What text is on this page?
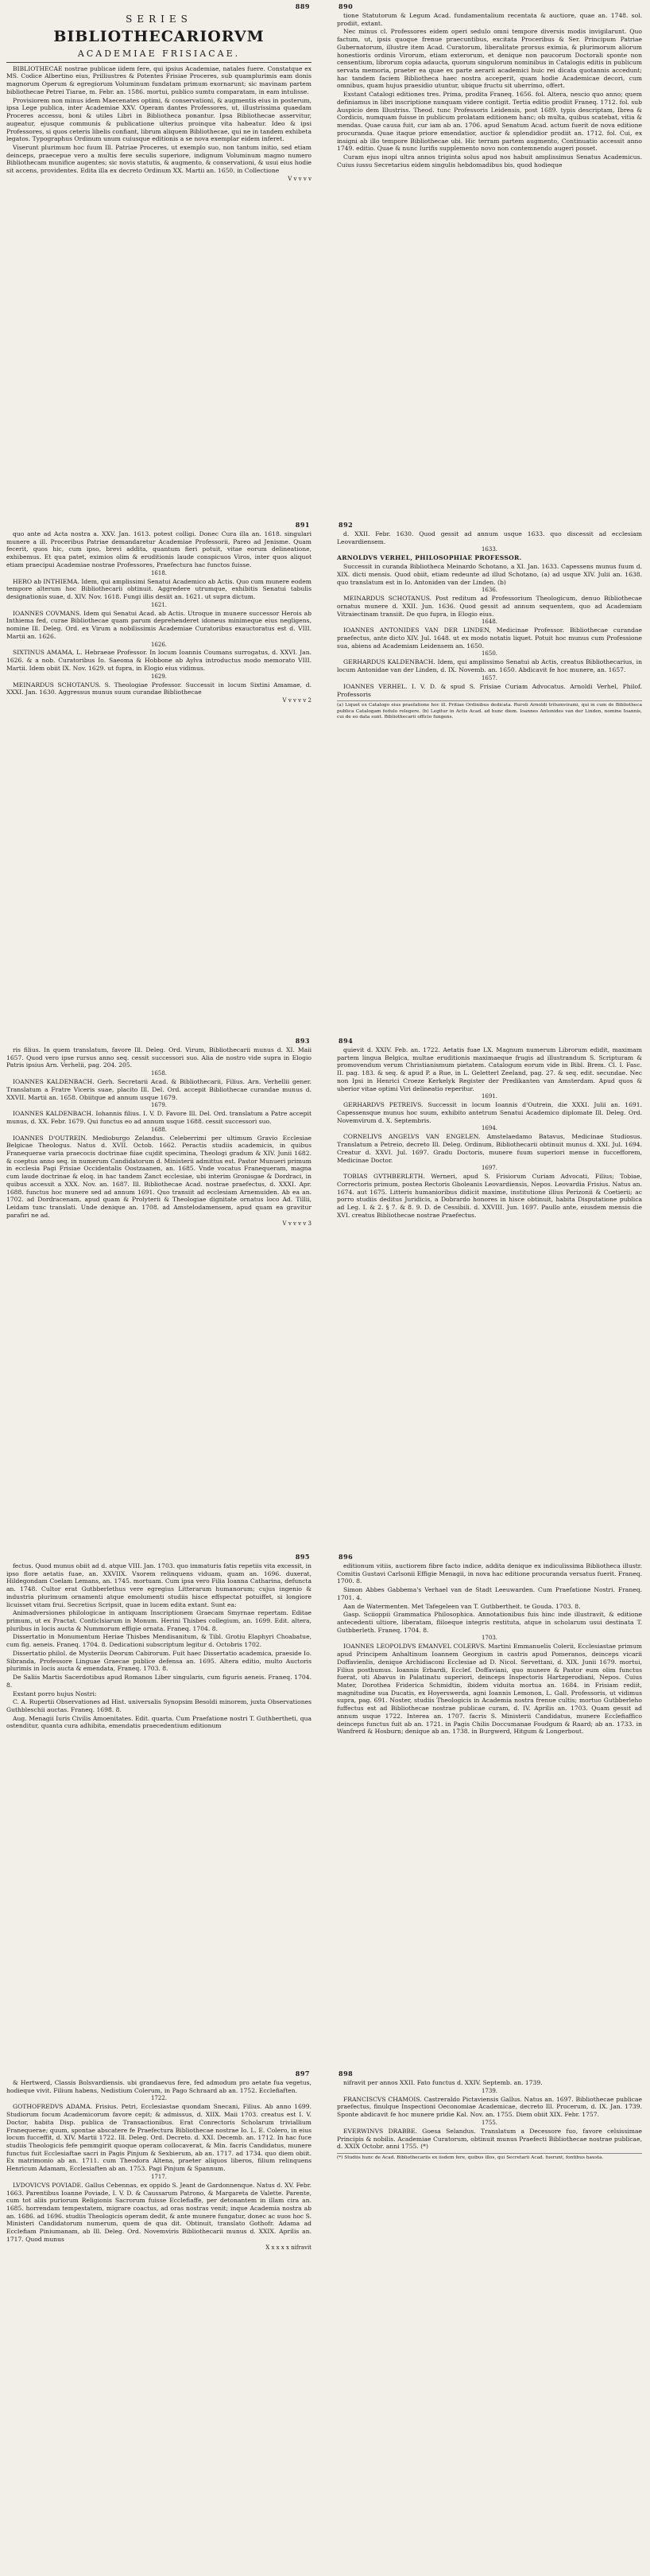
889
SERIES
BIBLIOTHECARIORVM
ACADEMIAE FRISIACAE.

BIBLIOTHECAE nostrae publicae iidem fere, qui ipsius Academiae, natales fuere. Constatque ex MS. Codice Albertino eius, Prilliustres & Potentes Frisiae Proceres, sub quamplurimis eam donis magnorum Operum & egregiorum Voluminum fundatam primum exornarunt; sic mavinam partem bibliothecae Petrei Tiarae, m. Febr. an. 1586. mortui, publico sumtu comparatam, in eam intulisse.

Provisiorem non minus idem Maecenates optimi, & conservationi, & augmentis eius in posterum, ipsa Lege publica, inter Academiae XXV. Operam dantes Professores, ut, illustrissima quaedam Proceres accessu, boni & utiles Libri in Bibliotheca ponantur. Ipsa Bibliothecae asservitur, augeatur, ejusque communis & publicatione ulterius proinque vita habeatur. Ideo & ipsi Professores, si quos ceteris libelis confiant, librum aliquem Bibliothecae, qui ne in tandem exhibeta legatos. Typographus Ordinum unum cuiusque editionis a se nova exemplar eidem inferet.

Viserunt plurimum hoc fuum Ill. Patriae Proceres, ut exemplo suo, non tantum initio, sed etiam deinceps, praecepue vero a multis fere seculis superiore, indignum Voluminum magno numero Bibliothecam munifice augentes; sic novis statutis, & augmento, & conservationi, & usui eius hodie sit accens, providentes. Edita illa ex decreto Ordinum XX. Martii an. 1650. in Collectione

V v v v v

890

tione Statutorum & Legum Acad. fundamentalium recentata & auctiore, quae an. 1748. sol. prodiit, extant.

Nec minus cl. Professores eidem operi sedulo omni tempore diversis modis invigilarunt. Quo factum, ut, ipsis quoque frenue praecuntibus, excitata Proceribus & Ser. Principum Patriae Gubernatorum, illustre item Acad. Curatorum, liberalitate prorsus eximia, & plurimorum aliorum honestioris ordinis Virorum, etiam exterorum, et denique non paucorum Doctorali sponte non censentium, librorum copia adaucta, quorum singulorum nominibus in Catalogis editis in publicum servata memoria, praeter ea quae ex parte aerarii academici huic rei dicata quotannis accedunt; hac tandem faciem Bibliotheca haec nostra acceperit, quam hodie Academicae decori, cum omnibus, quam hujus praesidio utuntur, ubique fructu sit uberrimo, offert.

Exstant Catalogi editiones tres. Prima, prodita Franeq. 1656. fol. Altera, nescio quo anno; quem definiamus in libri inscriptione nunquam videre contigit. Tertia editio prodiit Franeq. 1712. fol. sub Auspicio dem Illustriss. Theod. tunc Professoris Leidensis, post 1689. typis descriptam, Ibrea & Cordicis, numquam fuisse in publicum prolatam editionem hanc; ob multa, quibus scatebat, vitia & mendas. Quae causa fuit, cur iam ab an. 1706. apud Senatum Acad. actum fuerit de nova editione procuranda. Quae itaque priore emendatior, auctior & splendidior prodiit an. 1712. fol. Cui, ex insigni ab illo tempore Bibliothecae ubi. Hic terram partem augmento, Continuatio accessit anno 1749. editio. Quae & nunc Iurifis supplemento novo non contemnendo augeri posset.

Curam ejus inopi ultra annos triginta solus apud nos habuit amplissimus Senatus Academicus. Cuius iussu Secretarius eidem singulis hebdomadibus bis, quod hodieque

891

quo ante ad Acta nostra a. XXV. Jan. 1613. potest colligi. Donec Cura illa an. 1618. singulari munere a ill. Proceribus Patriae demandaretur Academiae Professorii, Pareo ad Jenisme. Quam fecerit, quos hic, cum ipso, brevi addita, quantum fieri potuit, vitae eorum delineatione, exhibemus. Et qua patet, eximios olim & eruditionis laude conspicuos Viros, inter quos aliquot etiam praecipui Academiae nostrae Professores, Praefectura hac functos fuisse.

1618.

HERO ab INTHIEMA. Idem, qui amplissimi Senatui Academico ab Actis. Quo cum munere eodem tempore alterum hoc Bibliothecarii obtinuit. Aggredere utrumque, exhibitis Senatui tabulis designationis suae, d. XIV. Nov. 1618. Fungi illis desiit an. 1621. ut supra dictum.

1621.

IOANNES COVMANS. Idem qui Senatui Acad. ab Actis. Utroque in munere successor Herois ab Inthiema fed, curae Bibliothecae quam parum deprehenderet idoneus minimeque eius negligens, nomine Ill. Deleg. Ord. ex Virum a nobilissimis Academiae Curatoribus exauctoratus est d. VIII. Martii an. 1626.

1626.

SIXTINUS AMAMA, L. Hebraeae Professor. In locum Ioannis Coumans surrogatus, d. XXVI. Jan. 1626. & a nob. Curatoribus Io. Saeoma & Hobbone ab Aylva introductus modo memorato VIII. Martii. Idem obiit IX. Nov. 1629. ut fupra, in Elogio eius vidimus.

1629.

MEINARDUS SCHOTANUS. S. Theologiae Professor. Successit in locum Sixtini Amamae, d. XXXI. Jan. 1630. Aggressus munus suum curandae Bibliothecae

V v v v v 2

892

d. XXII. Febr. 1630. Quod gessit ad annum usque 1633. quo discessit ad ecclesiam Leovardiensem.

1633.

ARNOLDVS VERHEL, PHILOSOPHIAE PROFESSOR.

Successit in curanda Bibliotheca Meinardo Schotano, a XI. Jan. 1633. Capessens munus fuum d. XIX. dicti mensis. Quod obiit, etiam redeunte ad illud Schotano, (a) ad usque XIV. Julii an. 1638. quo translatum est in Io. Antoniden van der Linden. (b)

1636.

MEINARDUS SCHOTANUS. Post reditum ad Professorium Theologicum, denuo Bibliothecae ornatus munere d. XXII. Jun. 1636. Quod gessit ad annum sequentem, quo ad Academiam Vitraiectinam transiit. De quo fupra, in Elogio eius.

1648.

IOANNES ANTONIDES VAN DER LINDEN, Medicinae Professor. Bibliothecae curandae praefectus, ante dicto XIV. Jul. 1648. ut ex modo notatis liquet. Potuit hoc munus cum Professione sua, abiens ad Academiam Leidensem an. 1650.

1650.

GERHARDUS KALDENBACH. Idem, qui amplissimo Senatui ab Actis, creatus Bibliothecarius, in locum Antonidae van der Linden, d. IX. Novemb. an. 1650. Abdicavit fe hoc munere, an. 1657.

1657.

IOANNES VERHEL. I. V. D. & spud S. Frisiae Curiam Advocatus. Arnoldi Verhel, Philof. Professoris

(a) Liquet ex Catalogo eius praefatione hoc ill. Pritiae Ordinibus dedicata. Ruroli Arnoldi tritumvirami, qui in cum de Bibliotheca publica Catalogam fedulo relegere. (b) Legitur in Actis Acad. ad hunc diem. Ioannes Antonides van der Linden, nomine Ioannis, cui de eo data sunt. Bibliothecarii officio fungens.

893

ris filius. In quem translatum, favore Ill. Deleg. Ord. Virum, Bibliothecarii munus d. XI. Maii 1657. Quod vero ipse rursus anno seq. cessit successori suo. Alia de nostro vide supra in Elogio Patris ipsius Arn. Verhelii, pag. 204. 205.

1658.

IOANNES KALDENBACH. Gerh. Secretarii Acad. & Bibliothecarii, Filius. Arn. Verhellii gener. Translatum a Fratre Viceris suae, placito Ill. Del. Ord. accepit Bibliothecae curandae munus d. XXVII. Martii an. 1658. Obiitque ad annum usque 1679.

1679.

IOANNES KALDENBACH. Iohannis filius. I. V. D. Favore Ill. Del. Ord. translatum a Patre accepit munus, d. XX. Febr. 1679. Qui functus eo ad annum usque 1688. cessit successori suo.

1688.

IOANNES D'OUTREIN. Medioburgo Zelandus. Celeberrimi per ultimum Gravio Ecclesiae Belgicae Theologus. Natus d. XVII. Octob. 1662. Peractis studiis academicis, in quibus Franequerae varia praecocis doctrinae fiiae cujdit specimina, Theologi gradum & XIV. Junii 1682. & coeptus anno seq. in numerum Candidatorum d. Ministerii admittus est. Pastor Munueri primum in ecclesia Pagi Frisiae Occidentalis Oostzaanen, an. 1685. Vnde vocatus Franequeram, magna cum laude doctrinae & eloq. in hac tandem Zanct ecclesiae, ubi interim Gronisgae & Dordraci, in quibus accessit a XXX. Nov. an. 1687. Ill. Bibliothecae Acad. nostrae praefectus, d. XXXI. Apr. 1688. functus hoc munere sed ad annum 1691. Quo transiit ad ecclesiam Arnemuiden. Ab ea an. 1702. ad Dordracenam, apud quam & Prolyterii & Theologiae dignitate ornatus loco Ad. Tillii, Leidam tunc translati. Unde denique an. 1708. ad Amstelodamensem, apud quam ea gravitur parafiri ne ad.

V v v v v 3

894

quievit d. XXIV. Feb. an. 1722. Aetatis fuae LX. Magnum numerum Librorum edidit, maximam partem lingua Belgica, multae eruditionis maximaeque frugis ad illustrandum S. Scripturam & promovendum verum Christianismum pietatem. Catalogum eorum vide in Bibl. Brem. Cl. I. Fasc. II. pag. 183. & seq. & apud P. a Rue, in L. Geletterl Zeeland, pag. 27. & seq. edit. secundae. Nec non Ipsi in Henrici Croeze Kerkelyk Register der Predikanten van Amsterdam. Apud quos & uberior vitae optimi Viri delineatio reperitur.

1691.

GERHARDVS PETREIVS. Successit in locum Ioannis d'Outrein, die XXXI. Julii an. 1691. Capessensque munus hoc suum, exhibito antetrum Senatui Academico diplomate Ill. Deleg. Ord. Novemvirum d. X. Septembris.

1694.

CORNELIVS ANGELVS VAN ENGELEN. Amstelaedamo Batavus, Medicinae Studiosus. Translatum a Petreio, decreto Ill. Deleg. Ordinum, Bibliothecarii obtinuit munus d. XXI. Jul. 1694. Creatur d. XXVI. Jul. 1697. Gradu Doctoris, munere fuum superiori mense in fuccefforem, Medicinae Doctor.

1697.

TOBIAS GVTHBERLETH. Werneri, apud S. Frisiorum Curiam Advocati, Filius; Tobiae, Correctoris primum, postea Rectoris Gboleanis Leovardiensis, Nepos. Leovardia Frisius. Natus an. 1674. aut 1675. Litteris humanioribus didicit maxime, institutione illius Perizonii & Coetierii; ac porro studiis deditus Juridicis, a Dobrardo honores in hisce obtinuit, habita Disputatione publica ad Leg. I. & 2. § 7. & 8. 9. D. de Cessibili. d. XXVIII. Jun. 1697. Paullo ante, eiusdem mensis die XVI. creatus Bibliothecae nostrae Praefectus.

895

fectus. Quod munus obiit ad d. atque VIII. Jan. 1703. quo immaturis fatis repetiis vita excessit, in ipso flore aetatis fuae, an. XXVIIX. Vxorem relinquens viduam, quam an. 1696. duxerat, Hildegondam Coelam Lemans, an. 1745. mortuam. Cum ipsa vero Filia Ioanna Catharina, defuncta an. 1748. Cultor erat Gutbberlethus vere egregius Litterarum humanorum; cujus ingenio & industria plurimum ornamenti atque emolumenti studiis hisce effspectat potuiffet, si longiore licuisset vitam frui. Secretius Scripsit, quae in lucem edita extant. Sunt ea:

Animadversiones philologicae in antiquam Inscriptionem Graecam Smyrnae repertam. Editae primum, ut ex Practat. Conticlsiarum in Monum. Herini Thisbes collegium, an. 1699. Edit. altera, pluribus in locis aucta & Nummorum effigie ornata. Franeq. 1704. 8.

Dissertatio in Monumentum Heriae Thisbes Mendisanitum, & Tibl. Grotiu Elaphyri Choabatue, cum fig. aeneis. Franeq. 1704. 8. Dedicationi subscriptum legitur d. Octobris 1702.

Dissertatio philol. de Mysteriis Deorum Cabirorum. Fuit haec Dissertatio academica, praeside Io. Sibranda, Professore Linguae Graecae publice defensa an. 1695. Altera editio, multo Auctoris plurimis in locis aucta & emendata, Franeq. 1703. 8.

De Saliis Martis Sacerdotibus apud Romanos Liber singularis, cum figuris aeneis. Franeq. 1704. 8.

Exstant porro hujus Nostri:

C. A. Rupertii Observationes ad Hist. universalis Synopsim Besoldi minorem, juxta Observationes Guthbleschii auctas. Franeq. 1698. 8.

Aug. Menagii Iuris Civilis Amoenitates. Edit. quarta. Cum Praefatione nostri T. Guthbertheti, qua ostenditur, quanta cura adhibita, emendatis praecedentium editionum

896

editionum vitiis, auctiorem fibre facto indice, addita denique ex indiculissima Bibliotheca illustr. Comitis Gustavi Carlsonii Effigie Menagii, in nova hac editione procuranda versatus fuerit. Franeq. 1700. 8.

Simon Abbes Gabbema's Verhael van de Stadt Leeuwarden. Cum Praefatione Nostri. Franeq. 1701. 4.

Aan de Watermenten. Met Tafegeleen van T. Gutbbertheit. te Gouda. 1703. 8.

Gasp. Sciioppii Grammatica Philosophica. Annotationibus fuis hinc inde illustravit, & editione antecedenti ultiore, liberatam, fliloeque integris restituta, atque in scholarum usui destinata T. Gutbberleth. Franeq. 1704. 8.

1703.

IOANNES LEOPOLDVS EMANVEL COLERVS. Martini Emmanuelis Colerii, Ecclesiastae primum apud Principem Anhaltinum Ioannem Georgium in castris apud Pomeranos, deinceps vicarii Doffavienlis, denique Archidiaconi Ecclesiae ad D. Nicol. Servettani, d. XIX. Junii 1679. mortui, Filius posthumus. Ioannis Erbardi, Ecclef. Doffaviani, quo munere & Pastor eum olim functus fuerat, uti Abavus in Palatinatu superiori, deinceps Inspectoris Hartzgerodiani, Nepos. Cuius Mater, Dorothea Friderica Schmidtin, ibidem viduita mortua an. 1684. in Frisiam rediit, magnitudine sua Ducatis, ex Hoyerswerda, agni Ioannis Lemonon, L. Gall. Professoris, ut vidimus supra, pag. 691. Noster, studiis Theologicis in Academia nostra frenue cultis; mortuo Gutbberleho fuffectus est ad Bibliothecae nostrae publicae curam, d. IV. Aprilis an. 1703. Quam gessit ad annum usque 1722. Interea an. 1707. facris S. Ministerii Candidatus, munere Ecclefiaffico deinceps functus fuit ab an. 1721. in Pagis Chilis Doccumanae Foudgum & Raard; ab an. 1733. in Wanfrerd & Hosburn; denique ab an. 1738. in Burgwerd, Hitgum & Longerbout.

897

& Hertwerd, Classis Bolsvardiensis. ubi grandaevus fere, fed admodum pro aetate fua vegetus, hodieque vivit. Filium habens, Nedistium Colerum, in Pago Schraard ab an. 1752. Ecclefiaften.

1722.

GOTHOFREDVS ADAMA. Frisius. Petri, Ecclesiastae quondam Snecani, Filius. Ab anno 1699. Studiorum focum Academicorum favore cepit; & admissus, d. XIIX. Maii 1703. creatus est I. V. Doctor, habita Disp. publica de Transactionibus. Erat Conrectoris Scholarum triviallium Franequerae; quum, spontae abscatere fe Praefectura Bibliothecae nostrae Io. L. E. Colero, in eius locum fucceffit, d. XIV. Martii 1722. Ill. Deleg. Ord. Decreto. d. XXI. Decemb. an. 1712. In hac fuce studiis Theologicis fefe pemmgirit quoque operam collocaverat, & Min. facris Candidatus, munere functus fuit Ecclesiaftae sacri in Pagis Pinjum & Sexbierum, ab an. 1717. ad 1734. quo diem obiit. Ex matrimonio ab an. 1711. cum Theodora Altena, praeter aliquos liberos, filium relinquens Henricum Adamam, Ecclesiaften ab an. 1753. Pagi Pinjum & Spannum.

1717.

LVDOVICVS POVIADE. Gallus Cebennas, ex oppido S. Jeant de Gardonnenque. Natus d. XV. Febr. 1663. Parentibus Ioanne Poviade, I. V. D. & Caussarum Patrono, & Margareta de Valette. Parente, cum tot aliis puriorum Religionis Sacrorum fuisse Ecclefiaffe, per detonantem in illam cira an. 1685. horrendam tempestatem, migrare coactus, ad oras nostras venit; inque Academia nostra ab an. 1686. ad 1696. studiis Theologicis operam dedit, & ante munere fungatur, donec ac suos hoc S. Ministeri Candidatorum numerum, quem de qua dit. Obtinuit, translato Gothofr. Adama ad Ecclefiam Piniumanam, ab Ill. Deleg. Ord. Novemviris Bibliothecarii munus d. XXIX. Aprilis an. 1717. Quod munus

X x x x x nifravit

898

nifravit per annos XXII. Fato functus d. XXIV. Septemb. an. 1739.

1739.

FRANCISCVS CHAMOIS. Castreraldo Pictaviensis Gallus. Natus an. 1697. Bibliothecae publicae praefectus, finulque Inspectioni Oeconomiae Academicae, decreto Ill. Procerum, d. IX. Jan. 1739. Sponte abdicavit fe hoc munere pridie Kal. Nov. an. 1755. Diem obiit XIX. Febr. 1757.

1755.

EVERWINVS DRABBE. Goesa Selandus. Translatum a Decessore fuo, favore celsissimae Principis & nobilis. Academiae Curatorum, obtinuit munus Praefecti Bibliothecae nostrae publicae, d. XXIX Octobr. anni 1755. (*)

(*) Studiis hunc de Acad. Bibliothecariis ex iisdem fere, quibus illos, qui Secretarii Acad. fuerunt, fontibus hausta.
